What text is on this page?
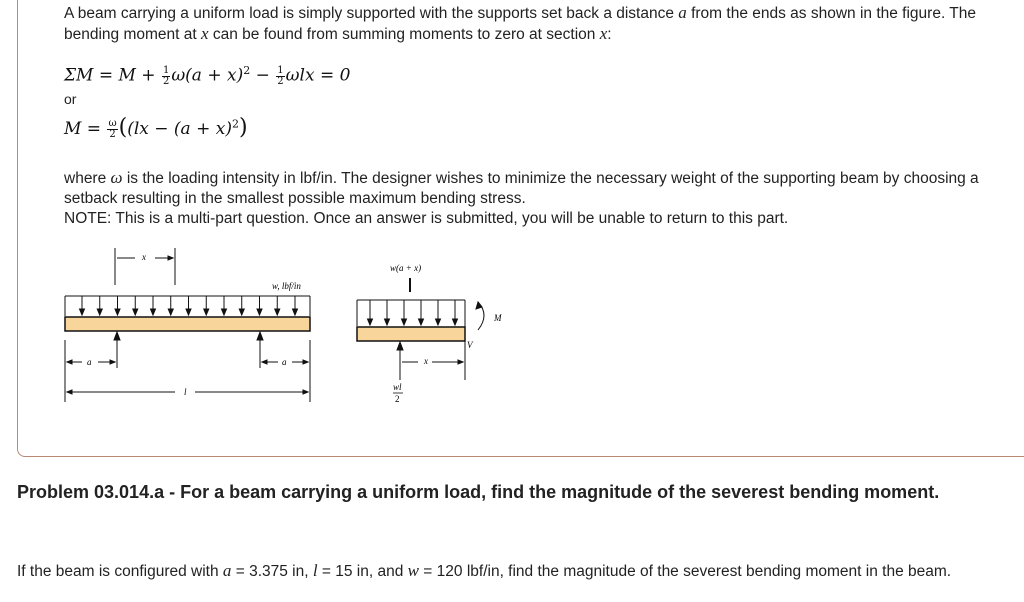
A beam carrying a uniform load is simply supported with the supports set back a distance a from the ends as shown in the figure. The bending moment at x can be found from summing moments to zero at section x:
$\Sigma M = M + \frac{1}{2} \omega(a + x)^2 - \frac{1}{2}$ ωlx = 0
or
$M = \frac{\omega}{2} ((lx - (a + x)^2)$
where ω is the loading intensity in lbf/in. The designer wishes to minimize the necessary weight of the supporting beam by choosing a setback resulting in the smallest possible maximum bending stress.
NOTE: This is a multi-part question. Once an answer is submitted, you will be unable to return to this part.
x
w, lbf/in
a	a
l
w(a + x)
M
V
x
wl
2
Problem 03.014.a - For a beam carrying a uniform load, find the magnitude of the severest bending moment.
If the beam is configured with a = 3.375 in, l = 15 in, and w = 120 lbf/in, find the magnitude of the severest bending moment in the beam.
